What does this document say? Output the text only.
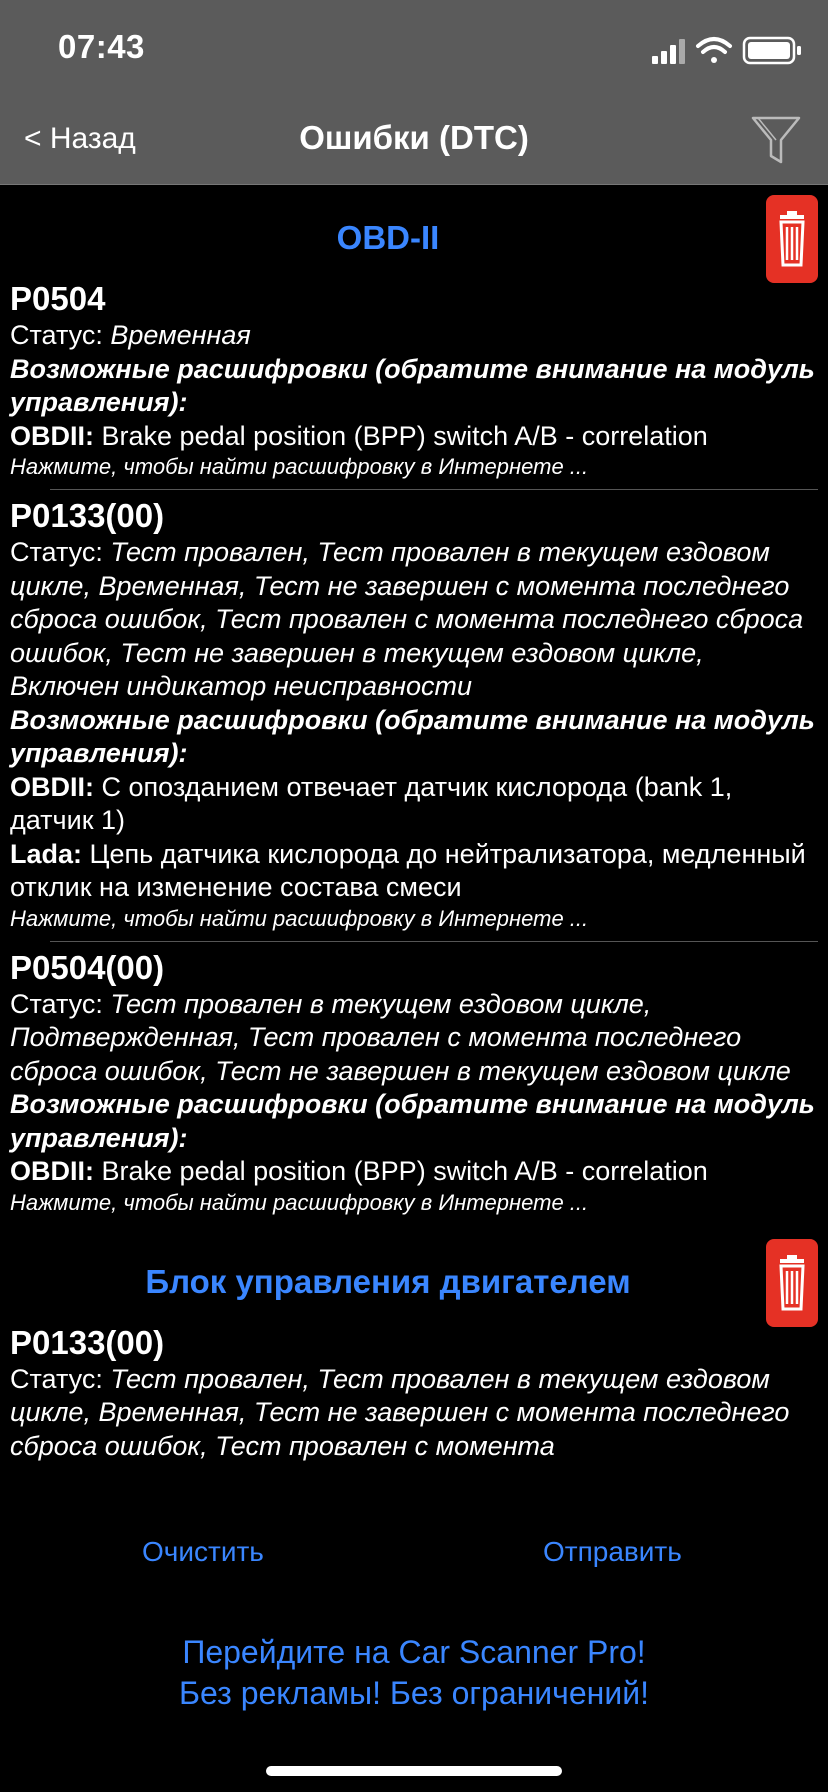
07:43
< Назад	Ошибки (DTC)
OBD-II
P0504
Статус: Временная
Возможные расшифровки (обратите внимание на модуль управления):
OBDII: Brake pedal position (BPP) switch A/B - correlation
Нажмите, чтобы найти расшифровку в Интернете ...
P0133(00)
Статус: Тест провален, Тест провален в текущем ездовом цикле, Временная, Тест не завершен с момента последнего сброса ошибок, Тест провален с момента последнего сброса ошибок, Тест не завершен в текущем ездовом цикле, Включен индикатор неисправности
Возможные расшифровки (обратите внимание на модуль управления):
OBDII: С опозданием отвечает датчик кислорода (bank 1, датчик 1)
Lada: Цепь датчика кислорода до нейтрализатора, медленный отклик на изменение состава смеси
Нажмите, чтобы найти расшифровку в Интернете ...
P0504(00)
Статус: Тест провален в текущем ездовом цикле, Подтвержденная, Тест провален с момента последнего сброса ошибок, Тест не завершен в текущем ездовом цикле
Возможные расшифровки (обратите внимание на модуль управления):
OBDII: Brake pedal position (BPP) switch A/B - correlation
Нажмите, чтобы найти расшифровку в Интернете ...
Блок управления двигателем
P0133(00)
Статус: Тест провален, Тест провален в текущем ездовом цикле, Временная, Тест не завершен с момента последнего сброса ошибок, Тест провален с момента
Очистить	Отправить
Перейдите на Car Scanner Pro!
Без рекламы! Без ограничений!
